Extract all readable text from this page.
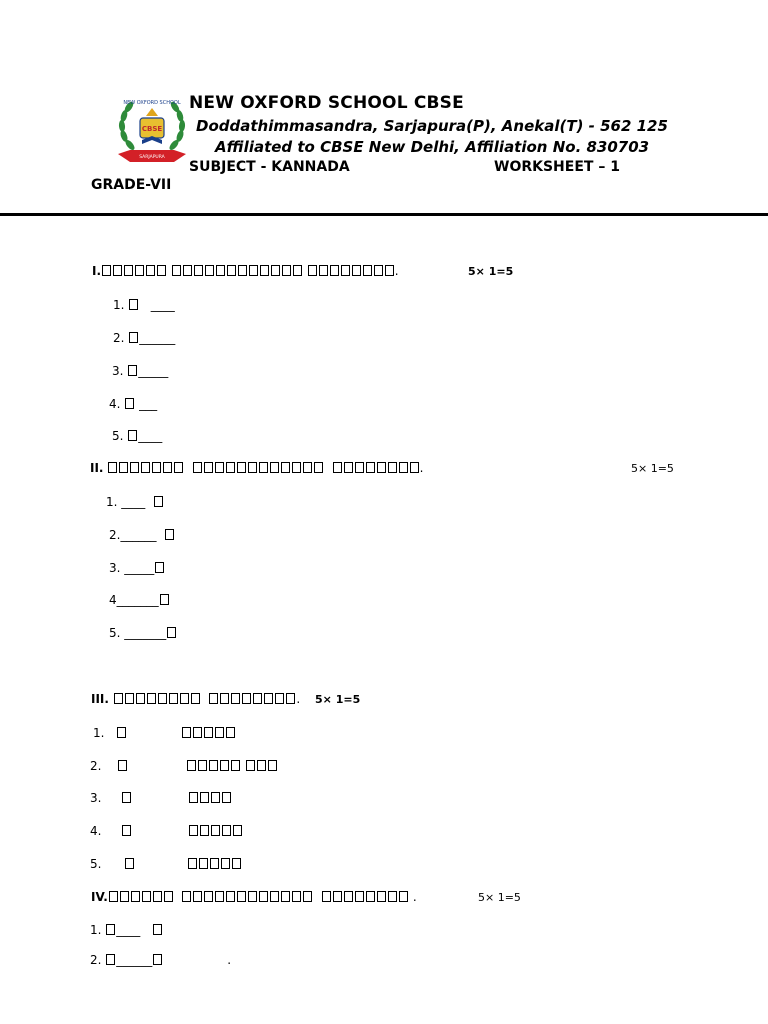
NEW OXFORD SCHOOL
CBSE
SARJAPURA
NEW OXFORD SCHOOL CBSE
Doddathimmasandra, Sarjapura(P), Anekal(T) - 562 125
Affiliated to CBSE New Delhi, Affiliation No. 830703
SUBJECT - KANNADA	WORKSHEET – 1
GRADE-VII
I.	.	5× 1=5
1.    ____
2. ______
3. _____
4.  ___
5. ____
II.	.	5× 1=5
1. ____
2.______
3. _____
4_______
5. _______
III.	. 5× 1=5
1.
2.
3.
4.
5.
IV.	.	5× 1=5
1. ____
2. ______	.
